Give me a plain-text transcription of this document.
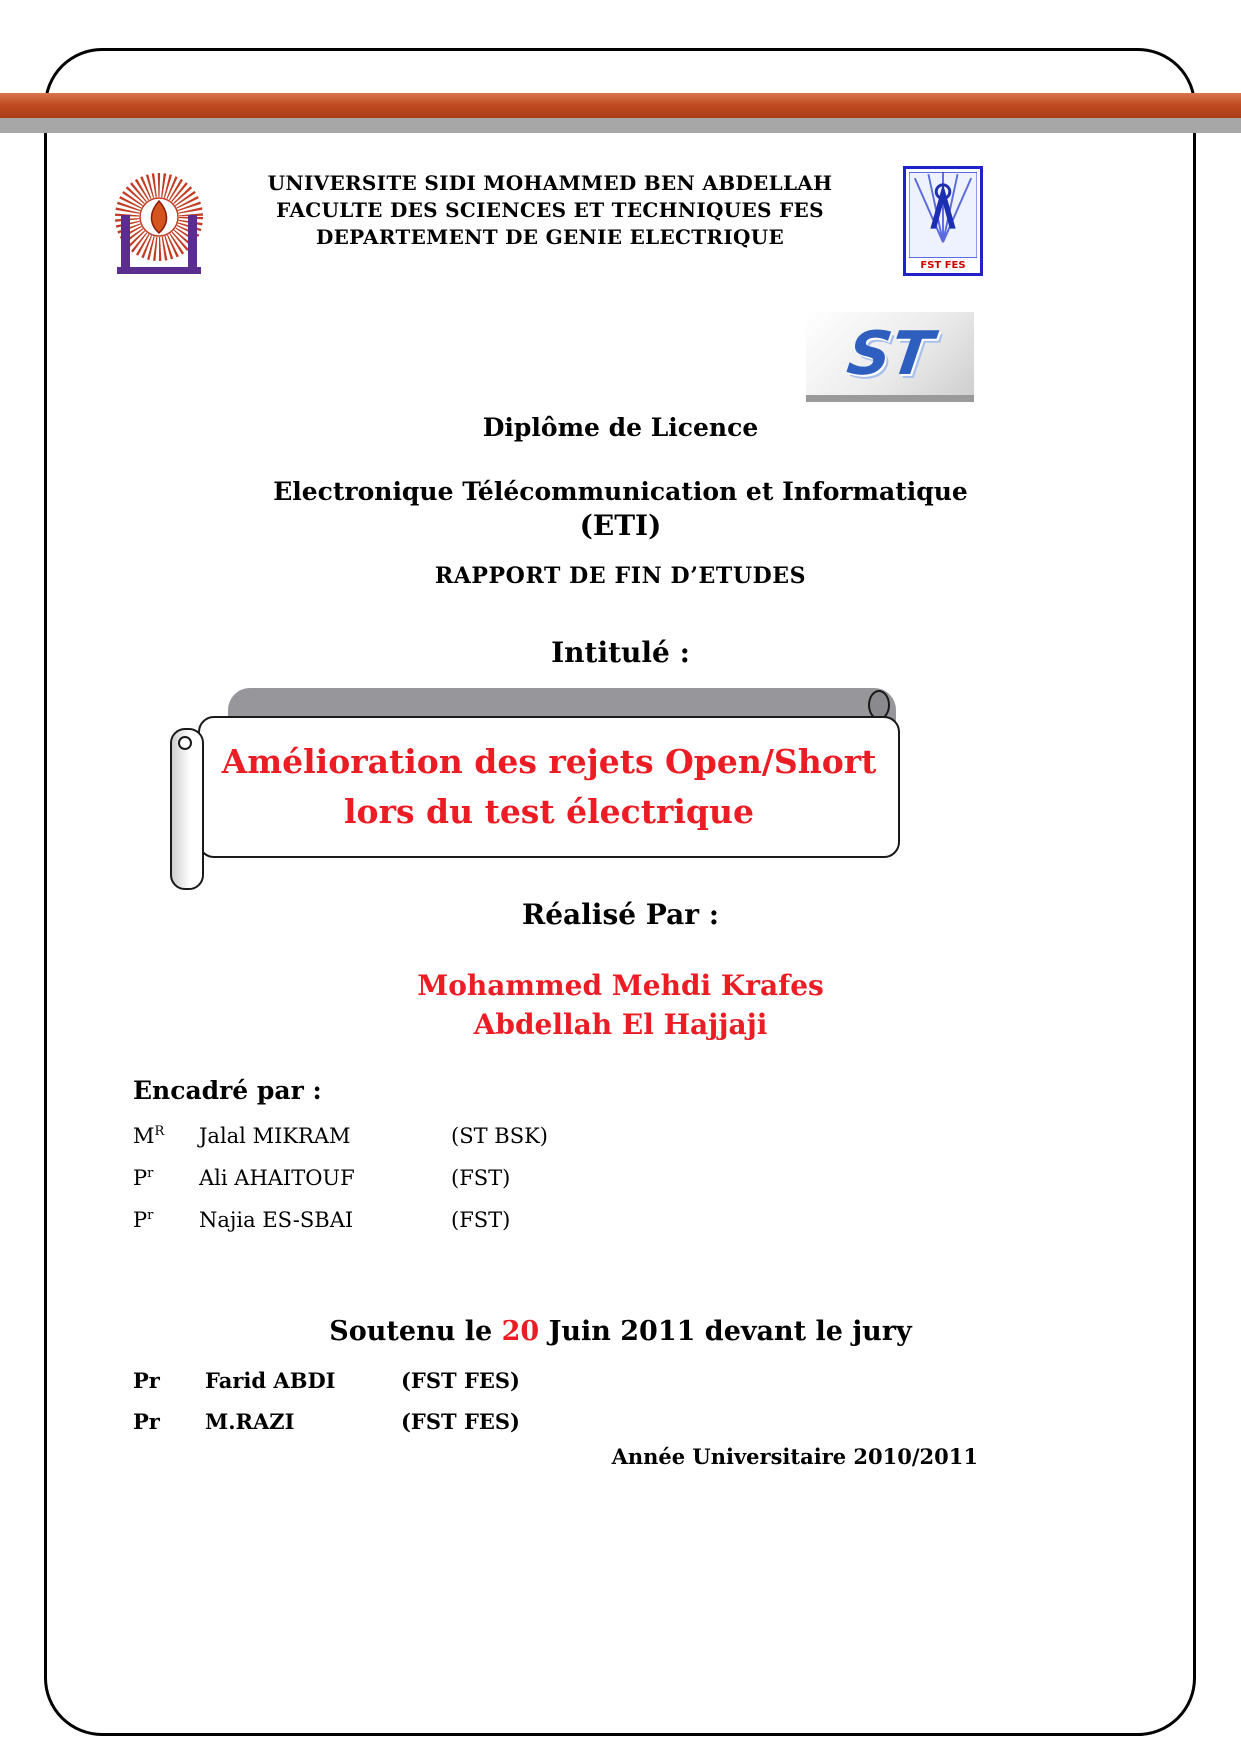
UNIVERSITE SIDI MOHAMMED BEN ABDELLAH
FACULTE DES SCIENCES ET TECHNIQUES FES
DEPARTEMENT DE GENIE ELECTRIQUE
FST FES
ST
Diplôme de Licence
Electronique Télécommunication et Informatique
(ETI)
RAPPORT DE FIN D’ETUDES
Intitulé :
Amélioration des rejets Open/Short
lors du test électrique
Réalisé Par :
Mohammed Mehdi Krafes
Abdellah El Hajjaji
Encadré par :
$M^R$	Jalal MIKRAM	(ST BSK)
$P^r$	Ali AHAITOUF	(FST)
$P^r$	Najia ES-SBAI	(FST)
Soutenu le 20 Juin 2011 devant le jury
Pr	Farid ABDI	(FST FES)
Pr	M.RAZI	(FST FES)
Année Universitaire 2010/2011
